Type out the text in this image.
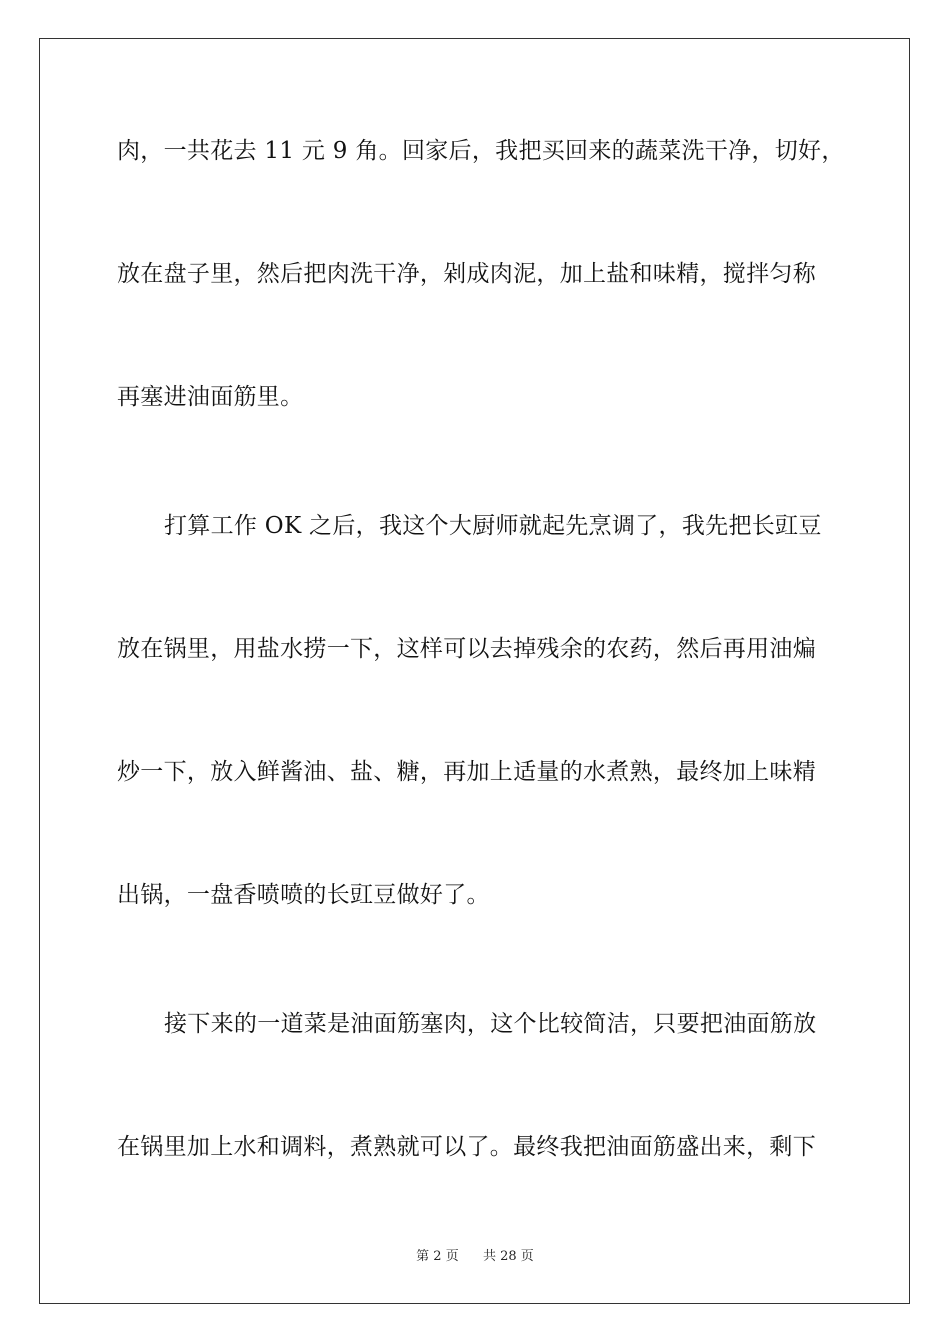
肉，一共花去 11 元 9 角。回家后，我把买回来的蔬菜洗干净，切好，
放在盘子里，然后把肉洗干净，剁成肉泥，加上盐和味精，搅拌匀称
再塞进油面筋里。
打算工作 OK 之后，我这个大厨师就起先烹调了，我先把长豇豆
放在锅里，用盐水捞一下，这样可以去掉残余的农药，然后再用油煸
炒一下，放入鲜酱油、盐、糖，再加上适量的水煮熟，最终加上味精
出锅，一盘香喷喷的长豇豆做好了。
接下来的一道菜是油面筋塞肉，这个比较简洁，只要把油面筋放
在锅里加上水和调料，煮熟就可以了。最终我把油面筋盛出来，剩下
第 2 页 共 28 页
